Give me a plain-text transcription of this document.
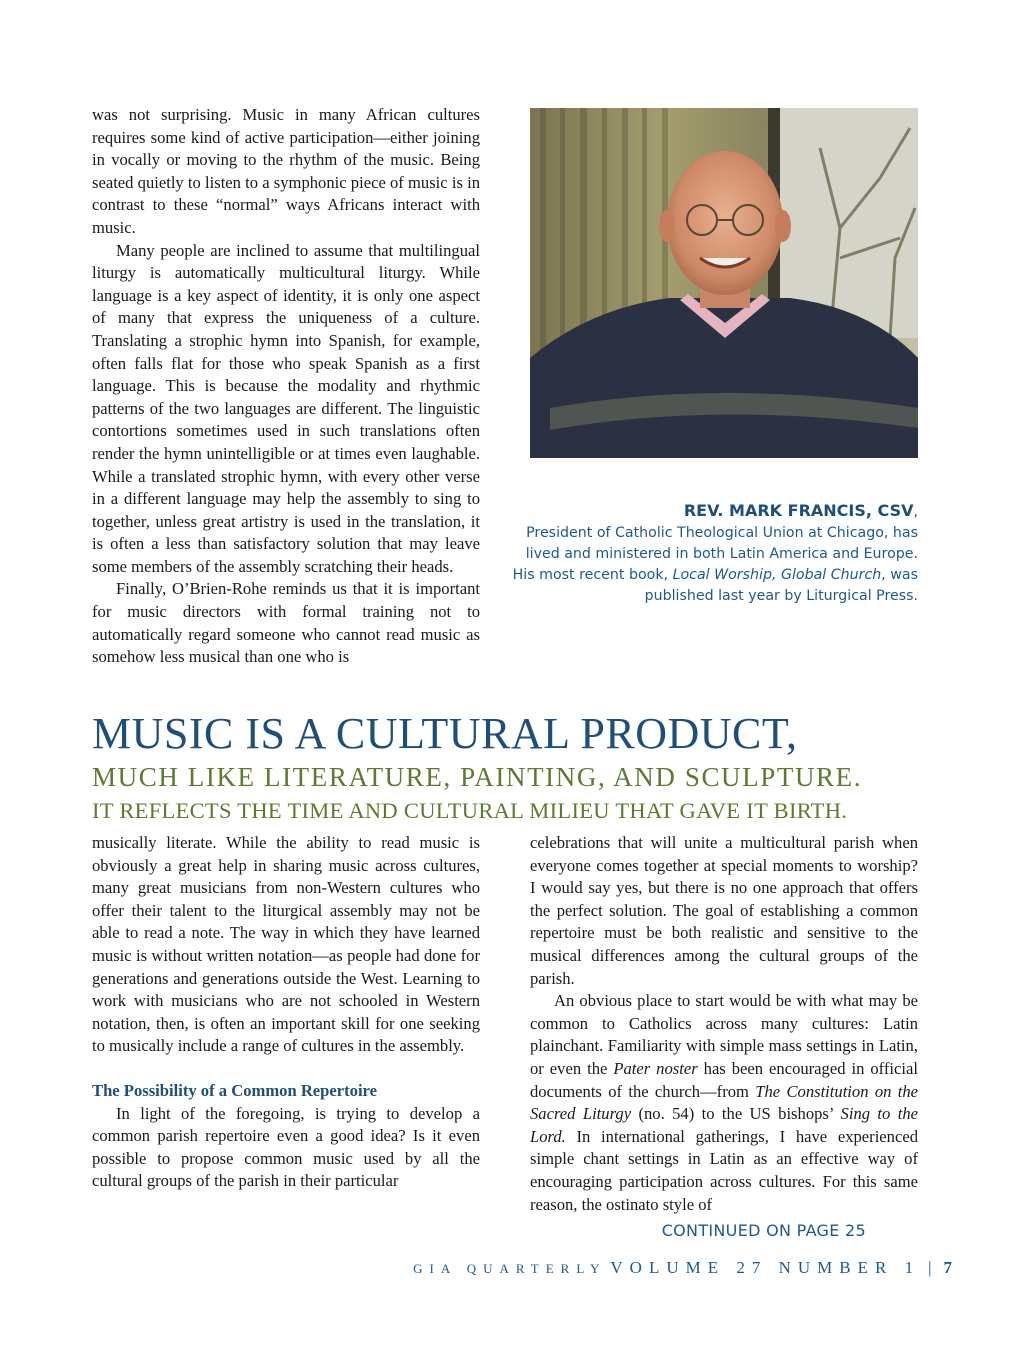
was not surprising. Music in many African cultures requires some kind of active participation—either joining in vocally or moving to the rhythm of the music. Being seated quietly to listen to a symphonic piece of music is in contrast to these “normal” ways Africans interact with music.

Many people are inclined to assume that multilingual liturgy is automatically multicultural liturgy. While language is a key aspect of identity, it is only one aspect of many that express the uniqueness of a culture. Translating a strophic hymn into Spanish, for example, often falls flat for those who speak Spanish as a first language. This is because the modality and rhythmic patterns of the two languages are different. The linguistic contortions sometimes used in such translations often render the hymn unintelligible or at times even laughable. While a translated strophic hymn, with every other verse in a different language may help the assembly to sing to together, unless great artistry is used in the translation, it is often a less than satisfactory solution that may leave some members of the assembly scratching their heads.

Finally, O’Brien-Rohe reminds us that it is important for music directors with formal training not to automatically regard someone who cannot read music as somehow less musical than one who is

REV. MARK FRANCIS, CSV,
President of Catholic Theological Union at Chicago, has lived and ministered in both Latin America and Europe. His most recent book, Local Worship, Global Church, was published last year by Liturgical Press.
MUSIC IS A CULTURAL PRODUCT,
MUCH LIKE LITERATURE, PAINTING, AND SCULPTURE.
IT REFLECTS THE TIME AND CULTURAL MILIEU THAT GAVE IT BIRTH.

musically literate. While the ability to read music is obviously a great help in sharing music across cultures, many great musicians from non-Western cultures who offer their talent to the liturgical assembly may not be able to read a note. The way in which they have learned music is without written notation—as people had done for generations and generations outside the West. Learning to work with musicians who are not schooled in Western notation, then, is often an important skill for one seeking to musically include a range of cultures in the assembly.

The Possibility of a Common Repertoire

In light of the foregoing, is trying to develop a common parish repertoire even a good idea? Is it even possible to propose common music used by all the cultural groups of the parish in their particular

celebrations that will unite a multicultural parish when everyone comes together at special moments to worship? I would say yes, but there is no one approach that offers the perfect solution. The goal of establishing a common repertoire must be both realistic and sensitive to the musical differences among the cultural groups of the parish.

An obvious place to start would be with what may be common to Catholics across many cultures: Latin plainchant. Familiarity with simple mass settings in Latin, or even the Pater noster has been encouraged in official documents of the church—from The Constitution on the Sacred Liturgy (no. 54) to the US bishops’ Sing to the Lord. In international gatherings, I have experienced simple chant settings in Latin as an effective way of encouraging participation across cultures. For this same reason, the ostinato style of

CONTINUED ON PAGE 25
GIA QUARTERLY VOLUME 27 NUMBER 1 | 7
